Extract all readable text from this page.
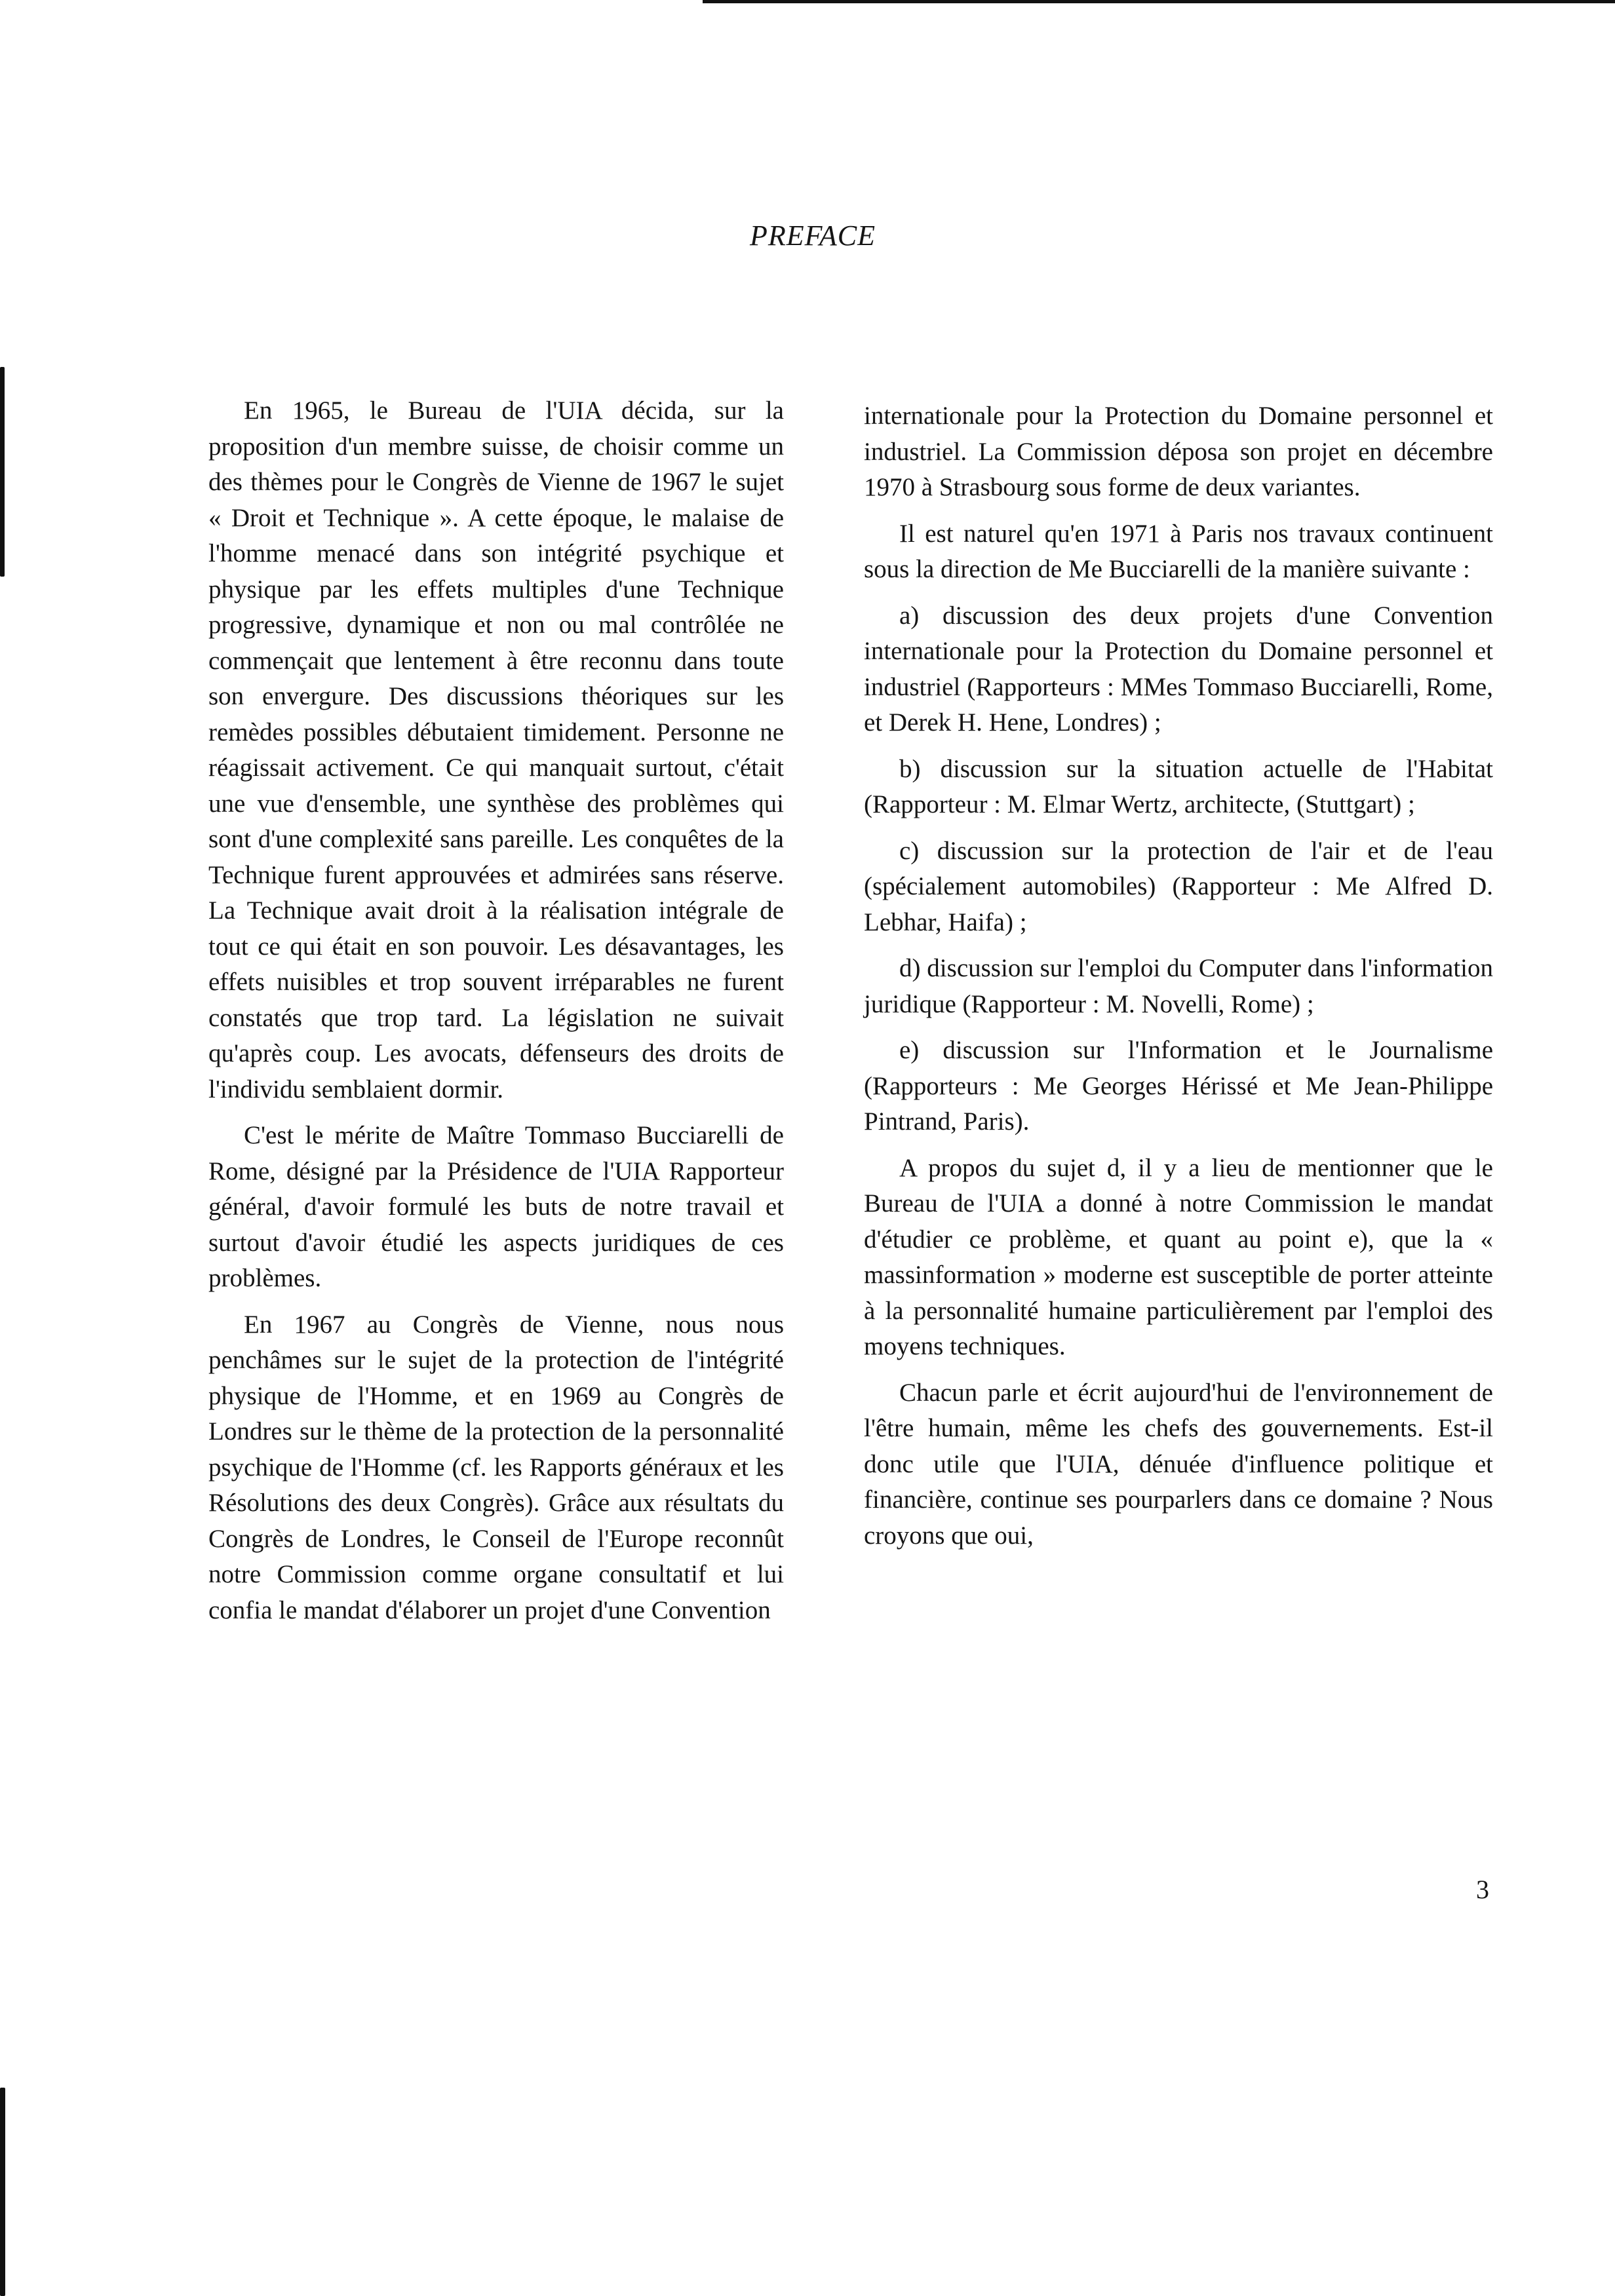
PREFACE

En 1965, le Bureau de l'UIA décida, sur la proposition d'un membre suisse, de choisir comme un des thèmes pour le Congrès de Vienne de 1967 le sujet « Droit et Technique ». A cette époque, le malaise de l'homme menacé dans son intégrité psychique et physique par les effets multiples d'une Technique progressive, dynamique et non ou mal contrôlée ne commençait que lentement à être reconnu dans toute son envergure. Des discussions théoriques sur les remèdes possibles débutaient timidement. Personne ne réagissait activement. Ce qui manquait surtout, c'était une vue d'ensemble, une synthèse des problèmes qui sont d'une complexité sans pareille. Les conquêtes de la Technique furent approuvées et admirées sans réserve. La Technique avait droit à la réalisation intégrale de tout ce qui était en son pouvoir. Les désavantages, les effets nuisibles et trop souvent irréparables ne furent constatés que trop tard. La législation ne suivait qu'après coup. Les avocats, défenseurs des droits de l'individu semblaient dormir.

C'est le mérite de Maître Tommaso Bucciarelli de Rome, désigné par la Présidence de l'UIA Rapporteur général, d'avoir formulé les buts de notre travail et surtout d'avoir étudié les aspects juridiques de ces problèmes.

En 1967 au Congrès de Vienne, nous nous penchâmes sur le sujet de la protection de l'intégrité physique de l'Homme, et en 1969 au Congrès de Londres sur le thème de la protection de la personnalité psychique de l'Homme (cf. les Rapports généraux et les Résolutions des deux Congrès). Grâce aux résultats du Congrès de Londres, le Conseil de l'Europe reconnût notre Commission comme organe consultatif et lui confia le mandat d'élaborer un projet d'une Convention

internationale pour la Protection du Domaine personnel et industriel. La Commission déposa son projet en décembre 1970 à Strasbourg sous forme de deux variantes.

Il est naturel qu'en 1971 à Paris nos travaux continuent sous la direction de Me Bucciarelli de la manière suivante :

a) discussion des deux projets d'une Convention internationale pour la Protection du Domaine personnel et industriel (Rapporteurs : MMes Tommaso Bucciarelli, Rome, et Derek H. Hene, Londres) ;

b) discussion sur la situation actuelle de l'Habitat (Rapporteur : M. Elmar Wertz, architecte, (Stuttgart) ;

c) discussion sur la protection de l'air et de l'eau (spécialement automobiles) (Rapporteur : Me Alfred D. Lebhar, Haifa) ;

d) discussion sur l'emploi du Computer dans l'information juridique (Rapporteur : M. Novelli, Rome) ;

e) discussion sur l'Information et le Journalisme (Rapporteurs : Me Georges Hérissé et Me Jean-Philippe Pintrand, Paris).

A propos du sujet d, il y a lieu de mentionner que le Bureau de l'UIA a donné à notre Commission le mandat d'étudier ce problème, et quant au point e), que la « massinformation » moderne est susceptible de porter atteinte à la personnalité humaine particulièrement par l'emploi des moyens techniques.

Chacun parle et écrit aujourd'hui de l'environnement de l'être humain, même les chefs des gouvernements. Est-il donc utile que l'UIA, dénuée d'influence politique et financière, continue ses pourparlers dans ce domaine ? Nous croyons que oui,

3
